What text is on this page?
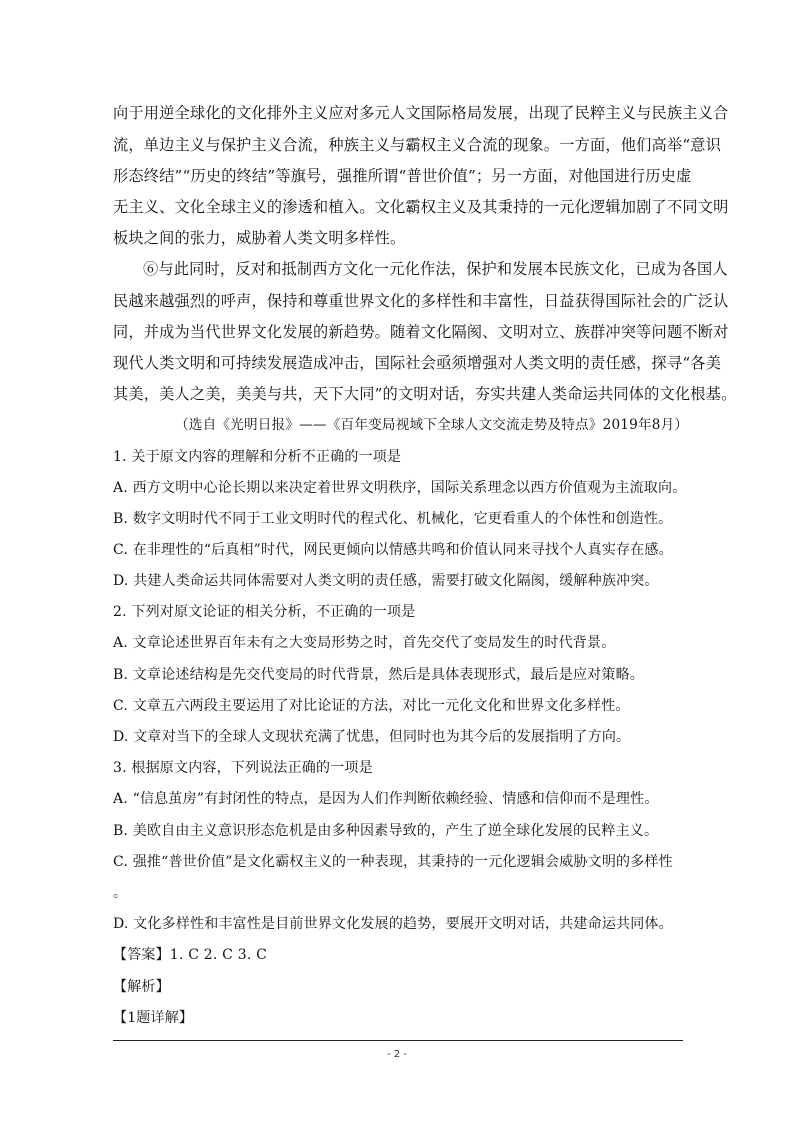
向于用逆全球化的文化排外主义应对多元人文国际格局发展，出现了民粹主义与民族主义合
流，单边主义与保护主义合流，种族主义与霸权主义合流的现象。一方面，他们高举“意识
形态终结”“历史的终结”等旗号，强推所谓“普世价值”；另一方面，对他国进行历史虚
无主义、文化全球主义的渗透和植入。文化霸权主义及其秉持的一元化逻辑加剧了不同文明
板块之间的张力，威胁着人类文明多样性。
⑥与此同时，反对和抵制西方文化一元化作法，保护和发展本民族文化，已成为各国人
民越来越强烈的呼声，保持和尊重世界文化的多样性和丰富性，日益获得国际社会的广泛认
同，并成为当代世界文化发展的新趋势。随着文化隔阂、文明对立、族群冲突等问题不断对
现代人类文明和可持续发展造成冲击，国际社会亟须增强对人类文明的责任感，探寻“各美
其美，美人之美，美美与共，天下大同”的文明对话，夯实共建人类命运共同体的文化根基。
（选自《光明日报》——《百年变局视域下全球人文交流走势及特点》2019年8月）
1. 关于原文内容的理解和分析不正确的一项是
A. 西方文明中心论长期以来决定着世界文明秩序，国际关系理念以西方价值观为主流取向。
B. 数字文明时代不同于工业文明时代的程式化、机械化，它更看重人的个体性和创造性。
C. 在非理性的“后真相”时代，网民更倾向以情感共鸣和价值认同来寻找个人真实存在感。
D. 共建人类命运共同体需要对人类文明的责任感，需要打破文化隔阂，缓解种族冲突。
2. 下列对原文论证的相关分析，不正确的一项是
A. 文章论述世界百年未有之大变局形势之时，首先交代了变局发生的时代背景。
B. 文章论述结构是先交代变局的时代背景，然后是具体表现形式，最后是应对策略。
C. 文章五六两段主要运用了对比论证的方法，对比一元化文化和世界文化多样性。
D. 文章对当下的全球人文现状充满了忧患，但同时也为其今后的发展指明了方向。
3. 根据原文内容，下列说法正确的一项是
A. “信息茧房”有封闭性的特点，是因为人们作判断依赖经验、情感和信仰而不是理性。
B. 美欧自由主义意识形态危机是由多种因素导致的，产生了逆全球化发展的民粹主义。
C. 强推“普世价值”是文化霸权主义的一种表现，其秉持的一元化逻辑会威胁文明的多样性
。
D. 文化多样性和丰富性是目前世界文化发展的趋势，要展开文明对话，共建命运共同体。
【答案】1. C 2. C 3. C
【解析】
【1题详解】
- 2 -
